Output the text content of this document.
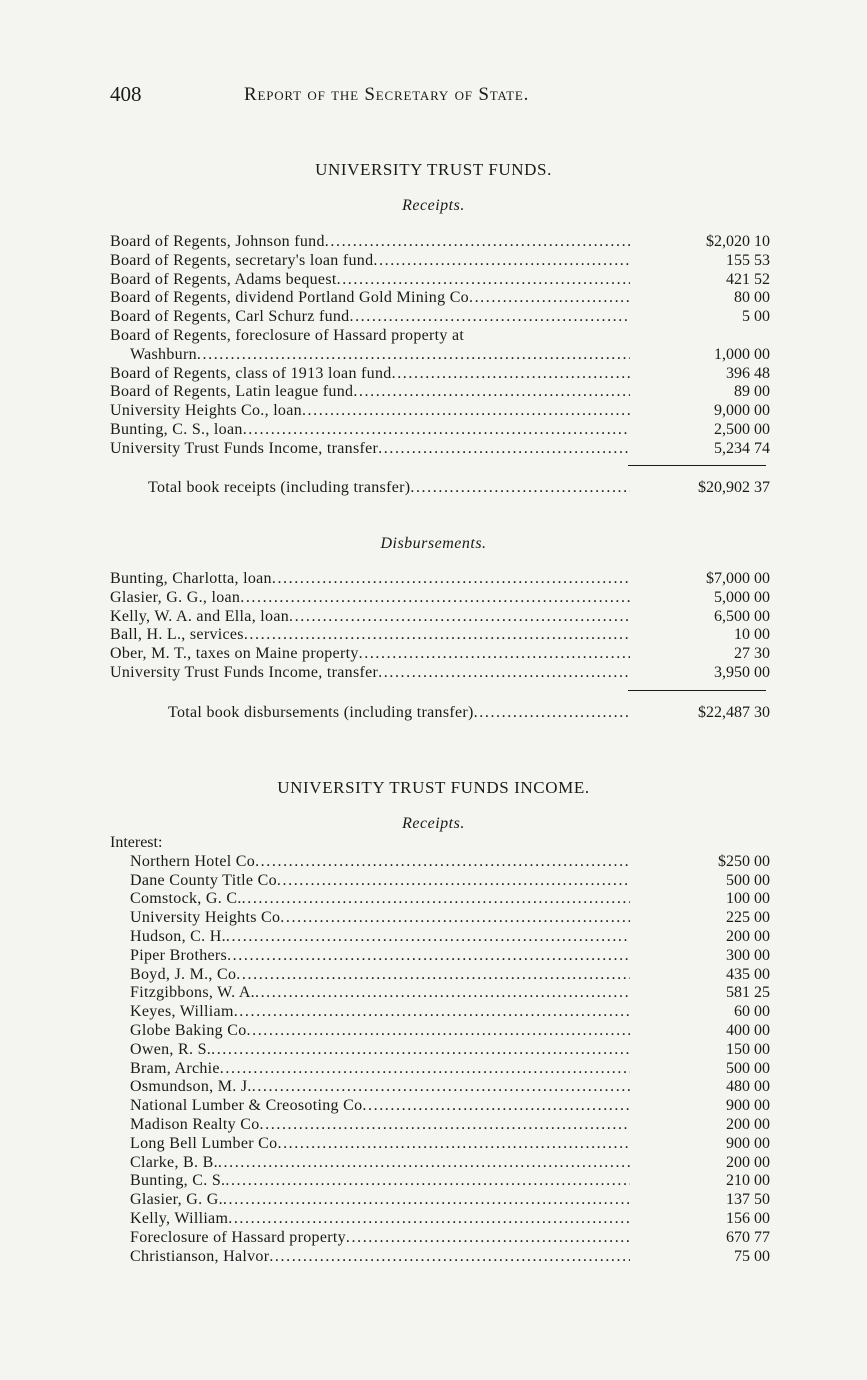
408	Report of the Secretary of State.
UNIVERSITY TRUST FUNDS.
Receipts.
Board of Regents, Johnson fund . . .	$2,020 10
Board of Regents, secretary's loan fund . . .	155 53
Board of Regents, Adams bequest . . .	421 52
Board of Regents, dividend Portland Gold Mining Co . . .	80 00
Board of Regents, Carl Schurz fund . . .	5 00
Board of Regents, foreclosure of Hassard property at
Washburn . . .	1,000 00
Board of Regents, class of 1913 loan fund . . .	396 48
Board of Regents, Latin league fund . . .	89 00
University Heights Co., loan . . .	9,000 00
Bunting, C. S., loan . . .	2,500 00
University Trust Funds Income, transfer . . .	5,234 74
Total book receipts (including transfer) . . .	$20,902 37
Disbursements.
Bunting, Charlotta, loan . . .	$7,000 00
Glasier, G. G., loan . . .	5,000 00
Kelly, W. A. and Ella, loan . . .	6,500 00
Ball, H. L., services . . .	10 00
Ober, M. T., taxes on Maine property . . .	27 30
University Trust Funds Income, transfer . . .	3,950 00
Total book disbursements (including transfer) . . .	$22,487 30
UNIVERSITY TRUST FUNDS INCOME.
Receipts.
Interest:
Northern Hotel Co . . .	$250 00
Dane County Title Co . . .	500 00
Comstock, G. C. . . .	100 00
University Heights Co . . .	225 00
Hudson, C. H. . . .	200 00
Piper Brothers . . .	300 00
Boyd, J. M., Co . . .	435 00
Fitzgibbons, W. A. . . .	581 25
Keyes, William . . .	60 00
Globe Baking Co . . .	400 00
Owen, R. S. . . .	150 00
Bram, Archie . . .	500 00
Osmundson, M. J. . . .	480 00
National Lumber & Creosoting Co . . .	900 00
Madison Realty Co . . .	200 00
Long Bell Lumber Co . . .	900 00
Clarke, B. B. . . .	200 00
Bunting, C. S. . . .	210 00
Glasier, G. G. . . .	137 50
Kelly, William . . .	156 00
Foreclosure of Hassard property . . .	670 77
Christianson, Halvor . . .	75 00
